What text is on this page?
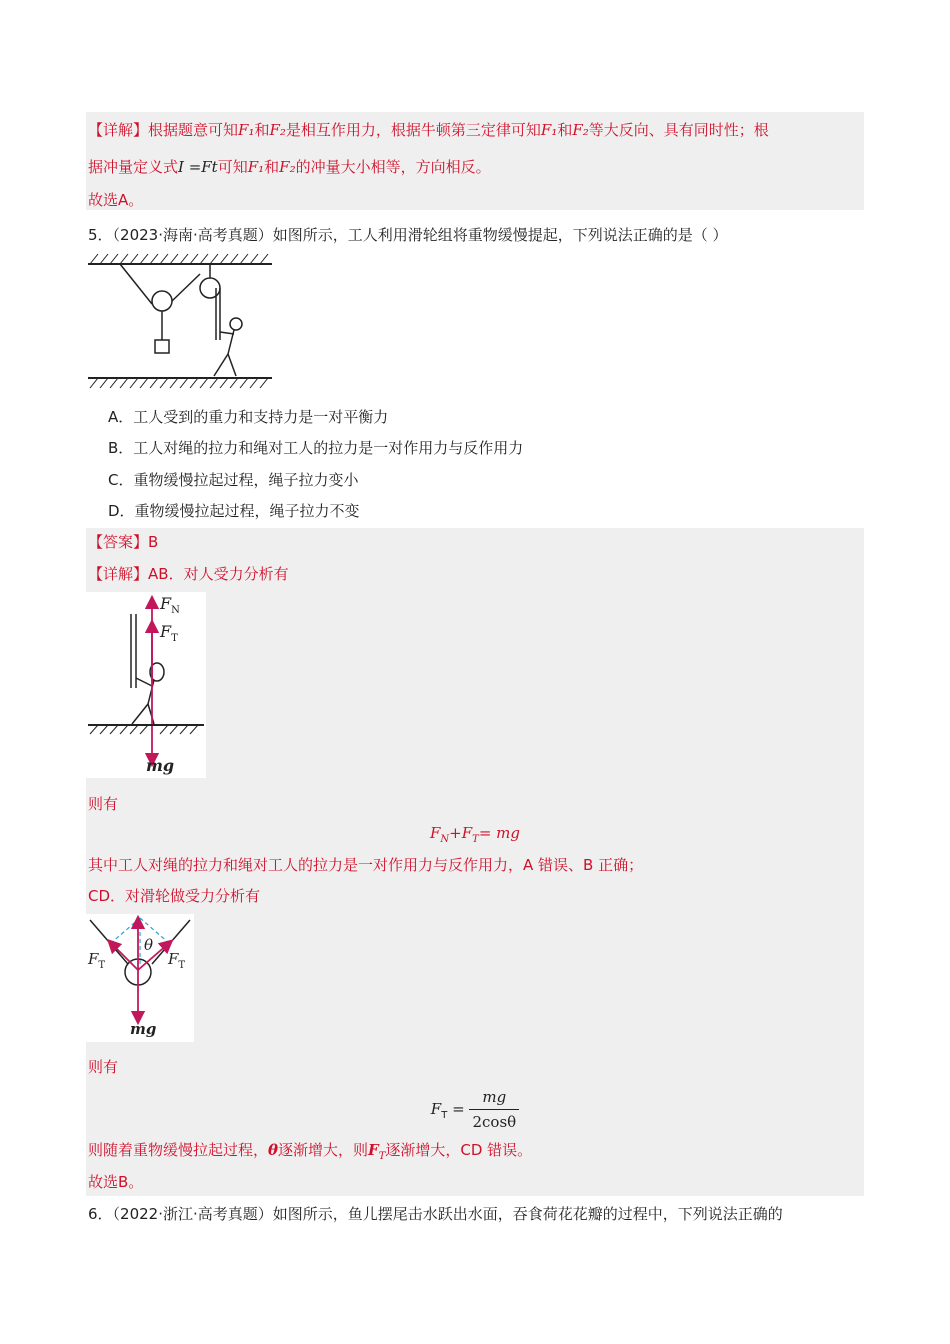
【详解】根据题意可知F₁和F₂是相互作用力，根据牛顿第三定律可知F₁和F₂等大反向、具有同时性；根
据冲量定义式I =Ft可知F₁和F₂的冲量大小相等，方向相反。
故选A。
5．（2023·海南·高考真题）如图所示，工人利用滑轮组将重物缓慢提起，下列说法正确的是（ ）
A．工人受到的重力和支持力是一对平衡力
B．工人对绳的拉力和绳对工人的拉力是一对作用力与反作用力
C．重物缓慢拉起过程，绳子拉力变小
D．重物缓慢拉起过程，绳子拉力不变
【答案】B
【详解】AB．对人受力分析有
$F_N$
$F_T$
mg
则有
$F_N+F_T=$ mg
其中工人对绳的拉力和绳对工人的拉力是一对作用力与反作用力，A 错误、B 正确；
CD．对滑轮做受力分析有
$F_T$	$F_T$
θ
mg
则有
$F_T = \frac{mg}{2\cos\theta}$
则随着重物缓慢拉起过程，θ逐渐增大，则$F_T$逐渐增大，CD 错误。
故选B。
6．（2022·浙江·高考真题）如图所示，鱼儿摆尾击水跃出水面，吞食荷花花瓣的过程中，下列说法正确的
